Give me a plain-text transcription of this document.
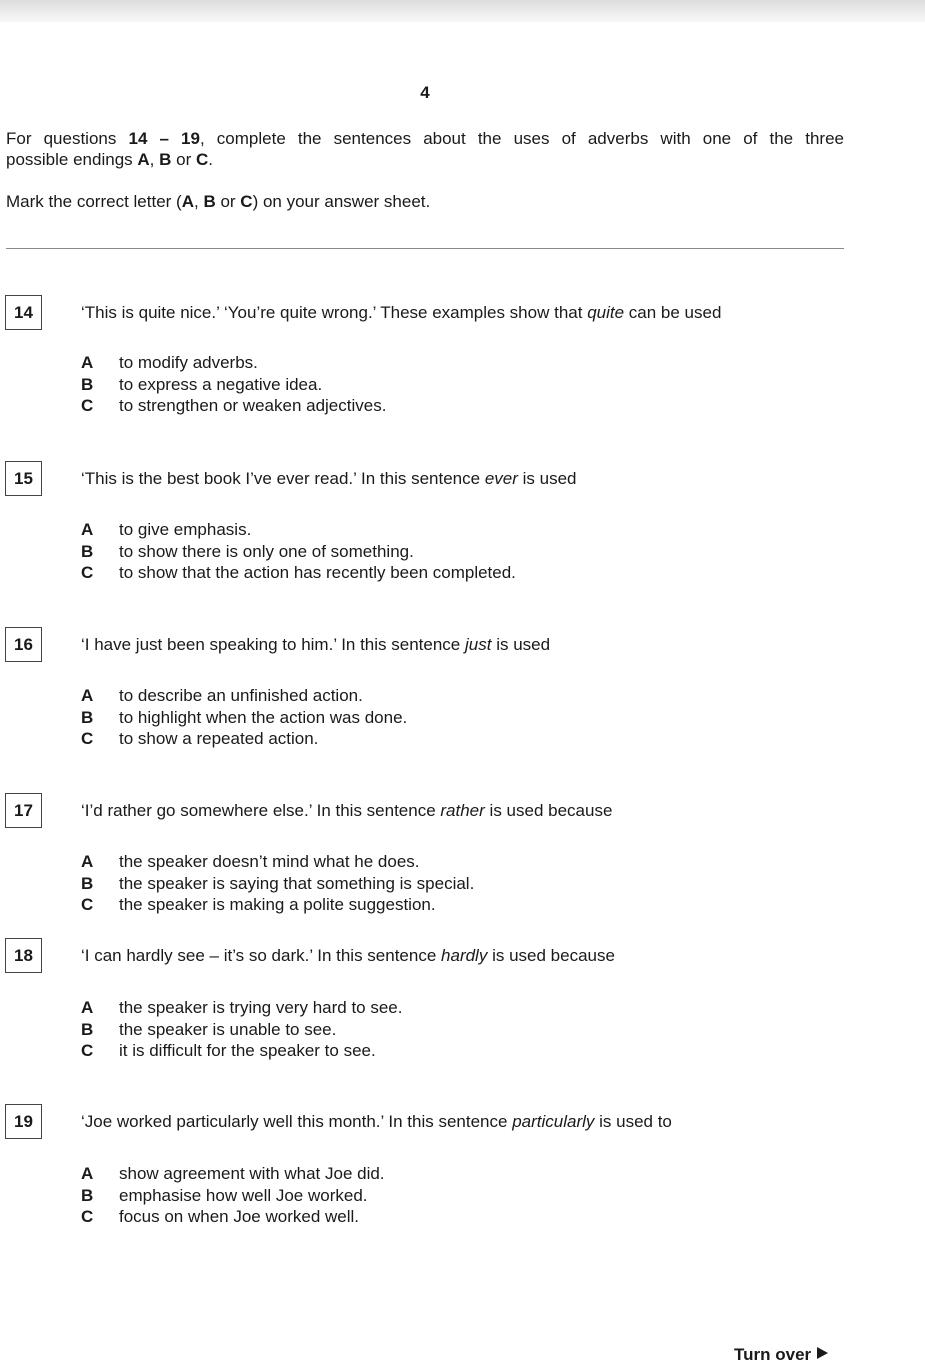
4
For questions 14 – 19, complete the sentences about the uses of adverbs with one of the three
possible endings A, B or C.
Mark the correct letter (A, B or C) on your answer sheet.
14	‘This is quite nice.’ ‘You’re quite wrong.’ These examples show that quite can be used
A to modify adverbs.
B to express a negative idea.
C to strengthen or weaken adjectives.
15	‘This is the best book I’ve ever read.’ In this sentence ever is used
A to give emphasis.
B to show there is only one of something.
C to show that the action has recently been completed.
16	‘I have just been speaking to him.’ In this sentence just is used
A to describe an unfinished action.
B to highlight when the action was done.
C to show a repeated action.
17	‘I’d rather go somewhere else.’ In this sentence rather is used because
A the speaker doesn’t mind what he does.
B the speaker is saying that something is special.
C the speaker is making a polite suggestion.
18	‘I can hardly see – it’s so dark.’ In this sentence hardly is used because
A the speaker is trying very hard to see.
B the speaker is unable to see.
C it is difficult for the speaker to see.
19	‘Joe worked particularly well this month.’ In this sentence particularly is used to
A show agreement with what Joe did.
B emphasise how well Joe worked.
C focus on when Joe worked well.
Turn over
